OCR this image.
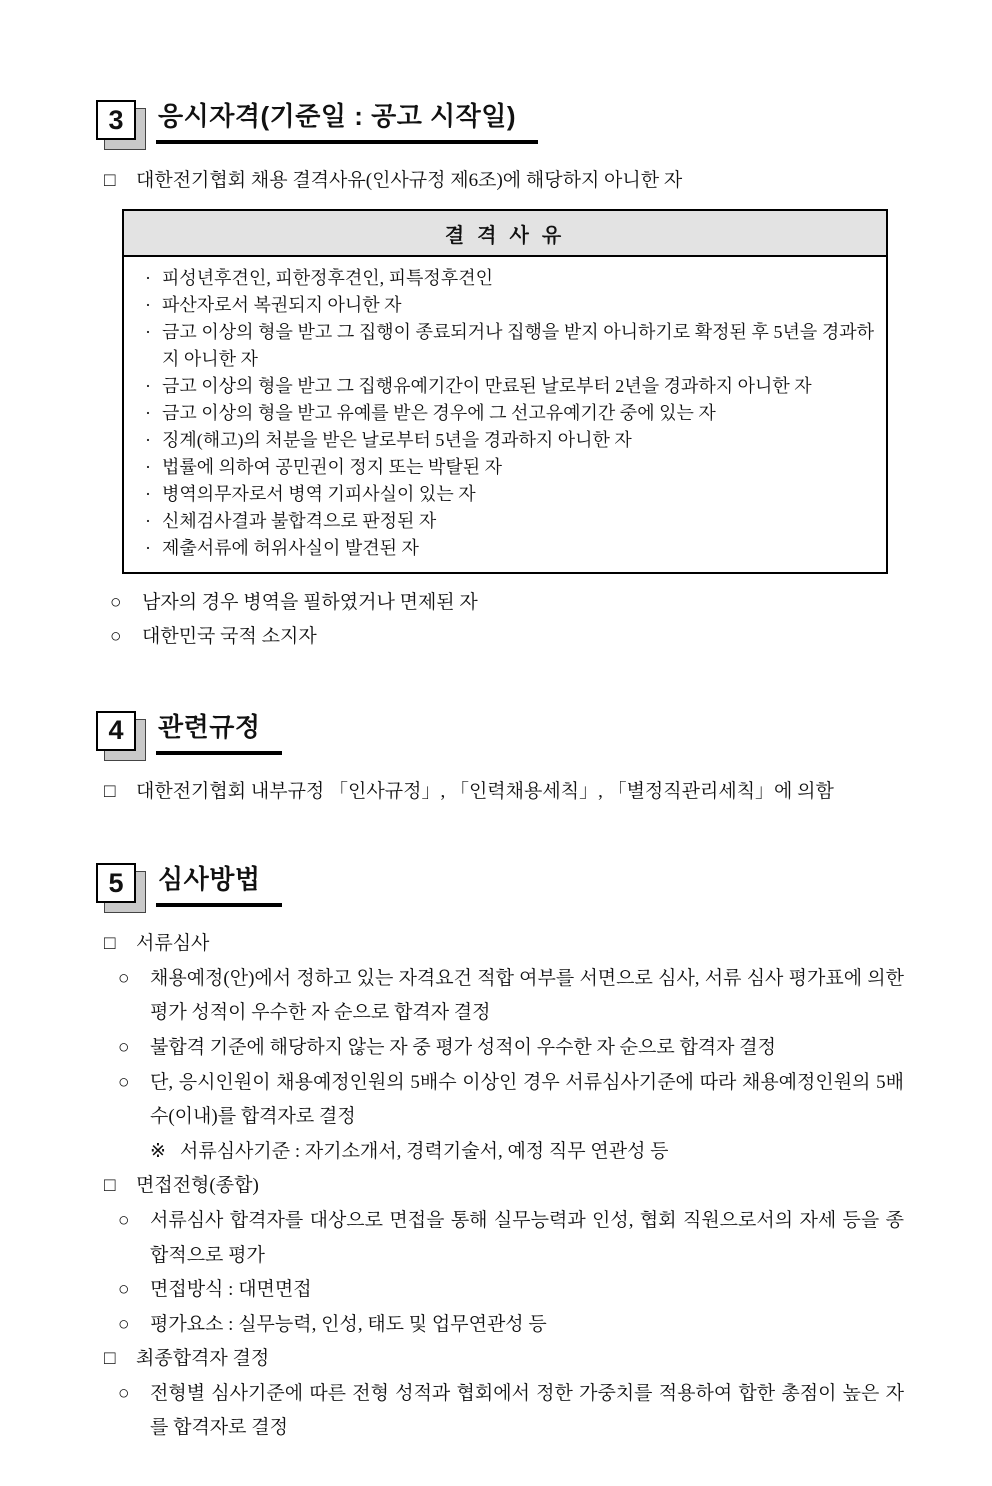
3	응시자격(기준일 : 공고 시작일)
□	대한전기협회 채용 결격사유(인사규정 제6조)에 해당하지 아니한 자
결 격 사 유
· 피성년후견인, 피한정후견인, 피특정후견인
· 파산자로서 복권되지 아니한 자
· 금고 이상의 형을 받고 그 집행이 종료되거나 집행을 받지 아니하기로 확정된 후 5년을 경과하지 아니한 자
· 금고 이상의 형을 받고 그 집행유예기간이 만료된 날로부터 2년을 경과하지 아니한 자
· 금고 이상의 형을 받고 유예를 받은 경우에 그 선고유예기간 중에 있는 자
· 징계(해고)의 처분을 받은 날로부터 5년을 경과하지 아니한 자
· 법률에 의하여 공민권이 정지 또는 박탈된 자
· 병역의무자로서 병역 기피사실이 있는 자
· 신체검사결과 불합격으로 판정된 자
· 제출서류에 허위사실이 발견된 자
○	남자의 경우 병역을 필하였거나 면제된 자
○	대한민국 국적 소지자
4	관련규정
□	대한전기협회 내부규정 「인사규정」, 「인력채용세칙」, 「별정직관리세칙」에 의함
5	심사방법
□	서류심사
○	채용예정(안)에서 정하고 있는 자격요건 적합 여부를 서면으로 심사, 서류 심사 평가표에 의한 평가 성적이 우수한 자 순으로 합격자 결정
○	불합격 기준에 해당하지 않는 자 중 평가 성적이 우수한 자 순으로 합격자 결정
○	단, 응시인원이 채용예정인원의 5배수 이상인 경우 서류심사기준에 따라 채용예정인원의 5배수(이내)를 합격자로 결정
※ 서류심사기준 : 자기소개서, 경력기술서, 예정 직무 연관성 등
□	면접전형(종합)
○	서류심사 합격자를 대상으로 면접을 통해 실무능력과 인성, 협회 직원으로서의 자세 등을 종합적으로 평가
○	면접방식 : 대면면접
○	평가요소 : 실무능력, 인성, 태도 및 업무연관성 등
□	최종합격자 결정
○	전형별 심사기준에 따른 전형 성적과 협회에서 정한 가중치를 적용하여 합한 총점이 높은 자를 합격자로 결정
